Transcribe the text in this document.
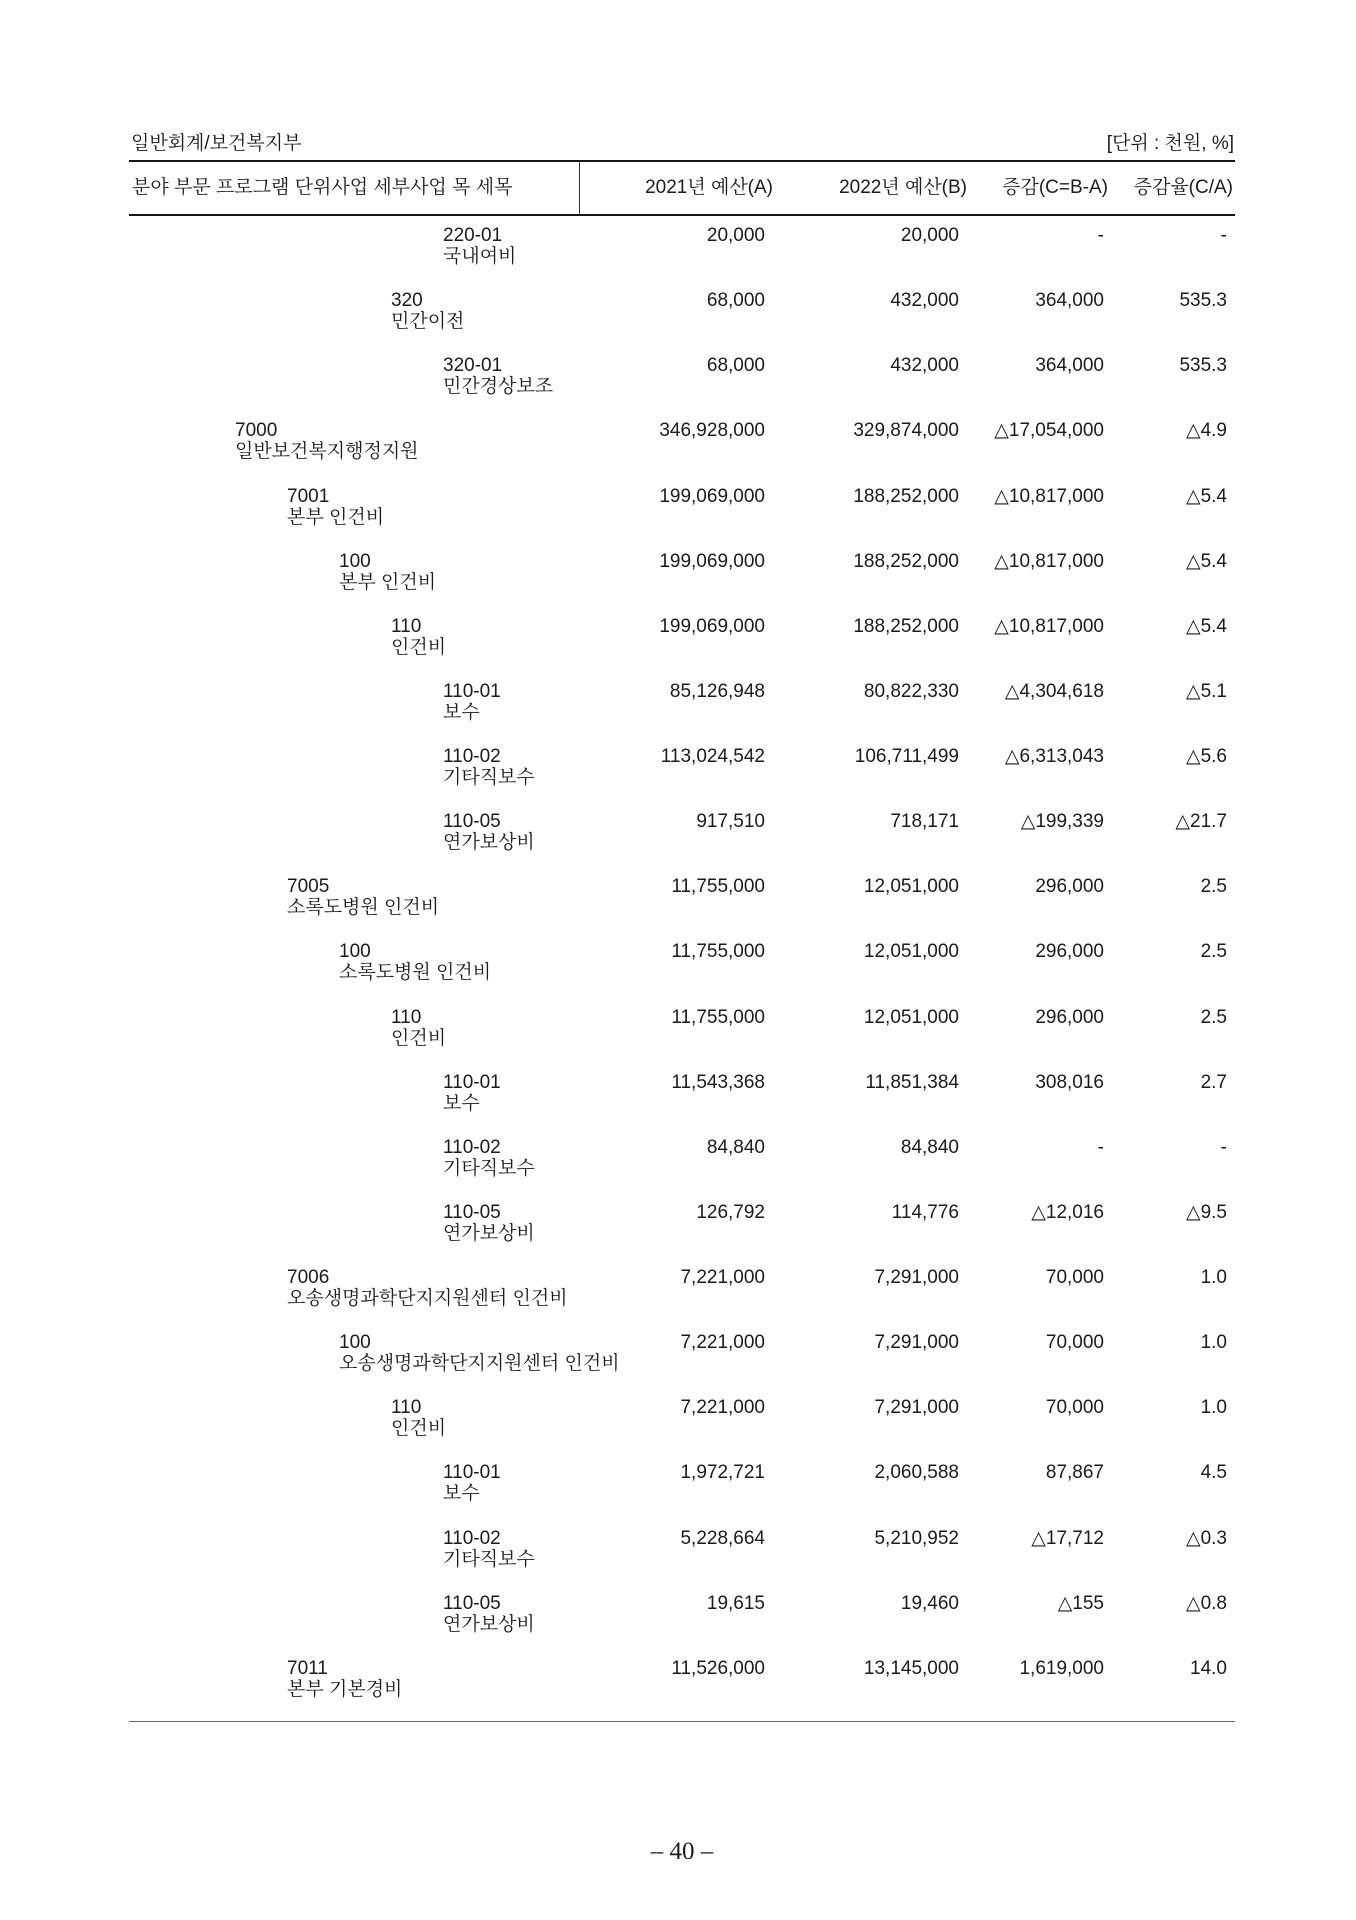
일반회계/보건복지부	[단위 : 천원, %]
분야 부문 프로그램 단위사업 세부사업 목 세목	2021년 예산(A)	2022년 예산(B) 증감(C=B-A) 증감율(C/A)
220-01
국내여비
20,000	20,000	-	-
320
민간이전
68,000	432,000	364,000	535.3
320-01
민간경상보조
68,000	432,000	364,000	535.3
7000
일반보건복지행정지원
346,928,000	329,874,000	△17,054,000	△4.9
7001
본부 인건비
199,069,000	188,252,000	△10,817,000	△5.4
100
본부 인건비
199,069,000	188,252,000	△10,817,000	△5.4
110
인건비
199,069,000	188,252,000	△10,817,000	△5.4
110-01
보수
85,126,948	80,822,330	△4,304,618	△5.1
110-02
기타직보수
113,024,542	106,711,499	△6,313,043	△5.6
110-05
연가보상비
917,510	718,171	△199,339	△21.7
7005
소록도병원 인건비
11,755,000	12,051,000	296,000	2.5
100
소록도병원 인건비
11,755,000	12,051,000	296,000	2.5
110
인건비
11,755,000	12,051,000	296,000	2.5
110-01
보수
11,543,368	11,851,384	308,016	2.7
110-02
기타직보수
84,840	84,840	-	-
110-05
연가보상비
126,792	114,776	△12,016	△9.5
7006
오송생명과학단지지원센터 인건비
7,221,000	7,291,000	70,000	1.0
100
오송생명과학단지지원센터 인건비
7,221,000	7,291,000	70,000	1.0
110
인건비
7,221,000	7,291,000	70,000	1.0
110-01
보수
1,972,721	2,060,588	87,867	4.5
110-02
기타직보수
5,228,664	5,210,952	△17,712	△0.3
110-05
연가보상비
19,615	19,460	△155	△0.8
7011
본부 기본경비
11,526,000	13,145,000	1,619,000	14.0
– 40 –
